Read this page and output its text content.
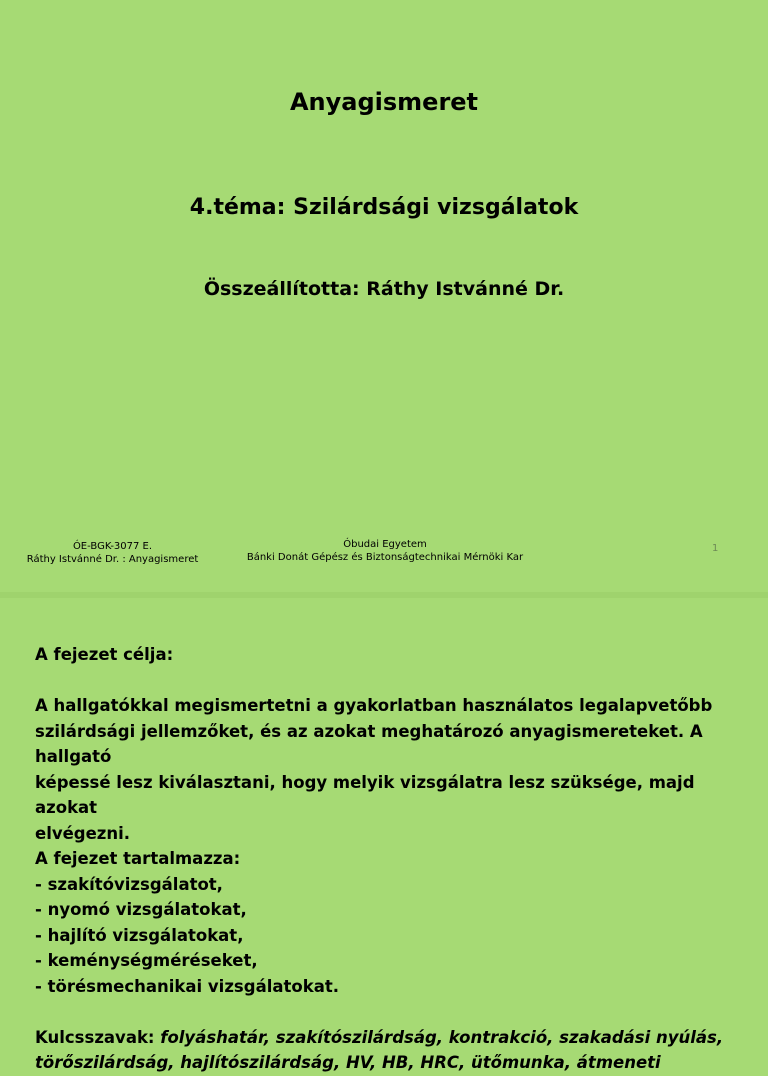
Anyagismeret
4.téma: Szilárdsági vizsgálatok
Összeállította: Ráthy Istvánné Dr.
ÓE-BGK-3077 E.
Ráthy Istvánné Dr. : Anyagismeret
Óbudai Egyetem
Bánki Donát Gépész és Biztonságtechnikai Mérnöki Kar
1

A fejezet célja:

A hallgatókkal megismertetni a gyakorlatban használatos legalapvetőbb

szilárdsági jellemzőket, és az azokat meghatározó anyagismereteket. A hallgató

képessé lesz kiválasztani, hogy melyik vizsgálatra lesz szüksége, majd azokat

elvégezni.

A fejezet tartalmazza:

- szakítóvizsgálatot,
- nyomó vizsgálatokat,
- hajlító vizsgálatokat,
- keménységméréseket,
- törésmechanikai vizsgálatokat.

Kulcsszavak: folyáshatár, szakítószilárdság, kontrakció, szakadási nyúlás,

törőszilárdság, hajlítószilárdság, HV, HB, HRC, ütőmunka, átmeneti
